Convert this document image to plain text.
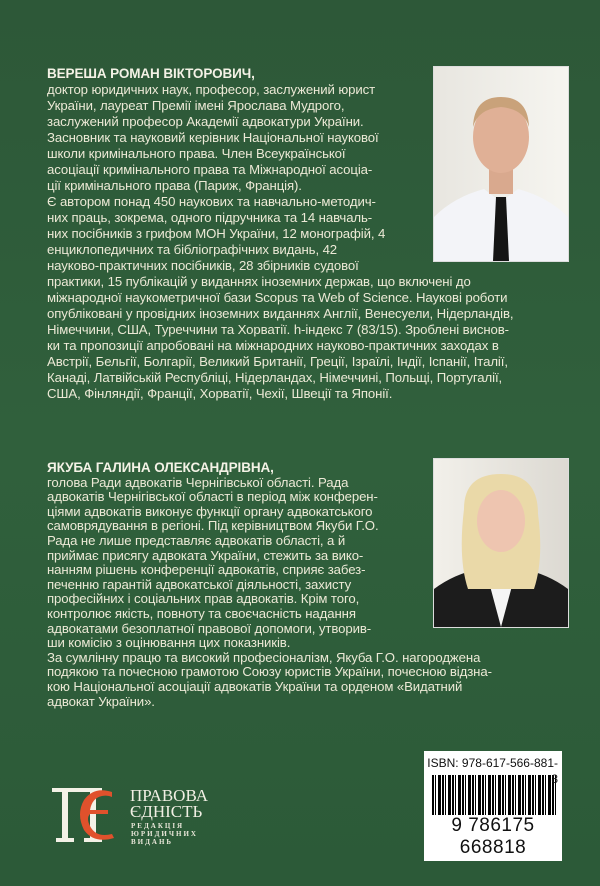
ВЕРЕША РОМАН ВІКТОРОВИЧ,
доктор юридичних наук, професор, заслужений юрист
України, лауреат Премії імені Ярослава Мудрого,
заслужений професор Академії адвокатури України.
Засновник та науковий керівник Національної наукової
школи кримінального права. Член Всеукраїнської
асоціації кримінального права та Міжнародної асоціа-
ції кримінального права (Париж, Франція).
Є автором понад 450 наукових та навчально-методич-
них праць, зокрема, одного підручника та 14 навчаль-
них посібників з грифом МОН України, 12 монографій, 4
енциклопедичних та бібліографічних видань, 42
науково-практичних посібників, 28 збірників судової
практики, 15 публікацій у виданнях іноземних держав, що включені до
міжнародної наукометричної бази Scopus та Web of Science. Наукові роботи
опубліковані у провідних іноземних виданнях Англії, Венесуели, Нідерландів,
Німеччини, США, Туреччини та Хорватії. h-індекс 7 (83/15). Зроблені виснов-
ки та пропозиції апробовані на міжнародних науково-практичних заходах в
Австрії, Бельгії, Болгарії, Великий Британії, Греції, Ізраїлі, Індії, Іспанії, Італії,
Канаді, Латвійській Республіці, Нідерландах, Німеччині, Польщі, Португалії,
США, Фінляндії, Франції, Хорватії, Чехії, Швеції та Японії.
ЯКУБА ГАЛИНА ОЛЕКСАНДРІВНА,
голова Ради адвокатів Чернігівської області. Рада
адвокатів Чернігівської області в період між конферен-
ціями адвокатів виконує функції органу адвокатського
самоврядування в регіоні. Під керівництвом Якуби Г.О.
Рада не лише представляє адвокатів області, а й
приймає присягу адвоката України, стежить за вико-
нанням рішень конференції адвокатів, сприяє забез-
печенню гарантій адвокатської діяльності, захисту
професійних і соціальних прав адвокатів. Крім того,
контролює якість, повноту та своєчасність надання
адвокатами безоплатної правової допомоги, утворив-
ши комісію з оцінювання цих показників.
За сумлінну працю та високий професіоналізм, Якуба Г.О. нагороджена
подякою та почесною грамотою Союзу юристів України, почесною відзна-
кою Національної асоціації адвокатів України та орденом «Видатний
адвокат України».
ПРАВОВА
ЄДНІСТЬ
РЕДАКЦІЯ
ЮРИДИЧНИХ
ВИДАНЬ
9 786175 668818
ISBN: 978-617-566-881-8
